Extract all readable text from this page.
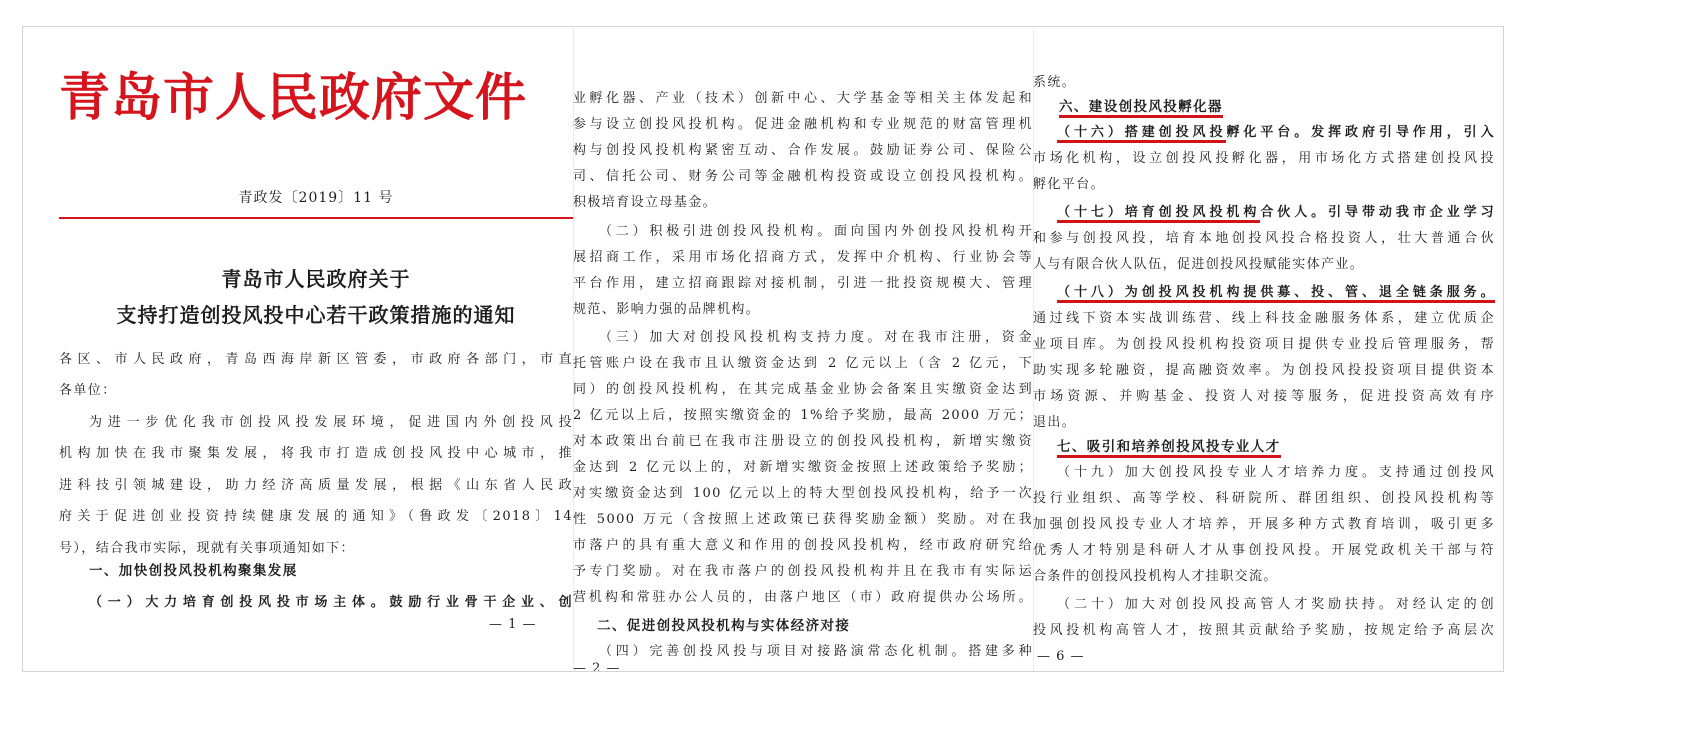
青岛市人民政府文件
青政发〔2019〕11 号
青岛市人民政府关于
支持打造创投风投中心若干政策措施的通知
各区、市人民政府，青岛西海岸新区管委，市政府各部门，市直
各单位：
为进一步优化我市创投风投发展环境，促进国内外创投风投
机构加快在我市聚集发展，将我市打造成创投风投中心城市，推
进科技引领城建设，助力经济高质量发展，根据《山东省人民政
府关于促进创业投资持续健康发展的通知》（鲁政发〔2018〕14
号），结合我市实际，现就有关事项通知如下：
一、加快创投风投机构聚集发展
（一）大力培育创投风投市场主体。鼓励行业骨干企业、创
— 1 —
业孵化器、产业（技术）创新中心、大学基金等相关主体发起和
参与设立创投风投机构。促进金融机构和专业规范的财富管理机
构与创投风投机构紧密互动、合作发展。鼓励证券公司、保险公
司、信托公司、财务公司等金融机构投资或设立创投风投机构。
积极培育设立母基金。
（二）积极引进创投风投机构。面向国内外创投风投机构开
展招商工作，采用市场化招商方式，发挥中介机构、行业协会等
平台作用，建立招商跟踪对接机制，引进一批投资规模大、管理
规范、影响力强的品牌机构。
（三）加大对创投风投机构支持力度。对在我市注册，资金
托管账户设在我市且认缴资金达到 2 亿元以上（含 2 亿元，下
同）的创投风投机构，在其完成基金业协会备案且实缴资金达到
2 亿元以上后，按照实缴资金的 1%给予奖励，最高 2000 万元；
对本政策出台前已在我市注册设立的创投风投机构，新增实缴资
金达到 2 亿元以上的，对新增实缴资金按照上述政策给予奖励；
对实缴资金达到 100 亿元以上的特大型创投风投机构，给予一次
性 5000 万元（含按照上述政策已获得奖励金额）奖励。对在我
市落户的具有重大意义和作用的创投风投机构，经市政府研究给
予专门奖励。对在我市落户的创投风投机构并且在我市有实际运
营机构和常驻办公人员的，由落户地区（市）政府提供办公场所。
二、促进创投风投机构与实体经济对接
（四）完善创投风投与项目对接路演常态化机制。搭建多种
— 2 —
系统。
六、建设创投风投孵化器
（十六）搭建创投风投孵化平台。发挥政府引导作用，引入
市场化机构，设立创投风投孵化器，用市场化方式搭建创投风投
孵化平台。
（十七）培育创投风投机构合伙人。引导带动我市企业学习
和参与创投风投，培育本地创投风投合格投资人，壮大普通合伙
人与有限合伙人队伍，促进创投风投赋能实体产业。
（十八）为创投风投机构提供募、投、管、退全链条服务。
通过线下资本实战训练营、线上科技金融服务体系，建立优质企
业项目库。为创投风投机构投资项目提供专业投后管理服务，帮
助实现多轮融资，提高融资效率。为创投风投投资项目提供资本
市场资源、并购基金、投资人对接等服务，促进投资高效有序
退出。
七、吸引和培养创投风投专业人才
（十九）加大创投风投专业人才培养力度。支持通过创投风
投行业组织、高等学校、科研院所、群团组织、创投风投机构等
加强创投风投专业人才培养，开展多种方式教育培训，吸引更多
优秀人才特别是科研人才从事创投风投。开展党政机关干部与符
合条件的创投风投机构人才挂职交流。
（二十）加大对创投风投高管人才奖励扶持。对经认定的创
投风投机构高管人才，按照其贡献给予奖励，按规定给予高层次
— 6 —
